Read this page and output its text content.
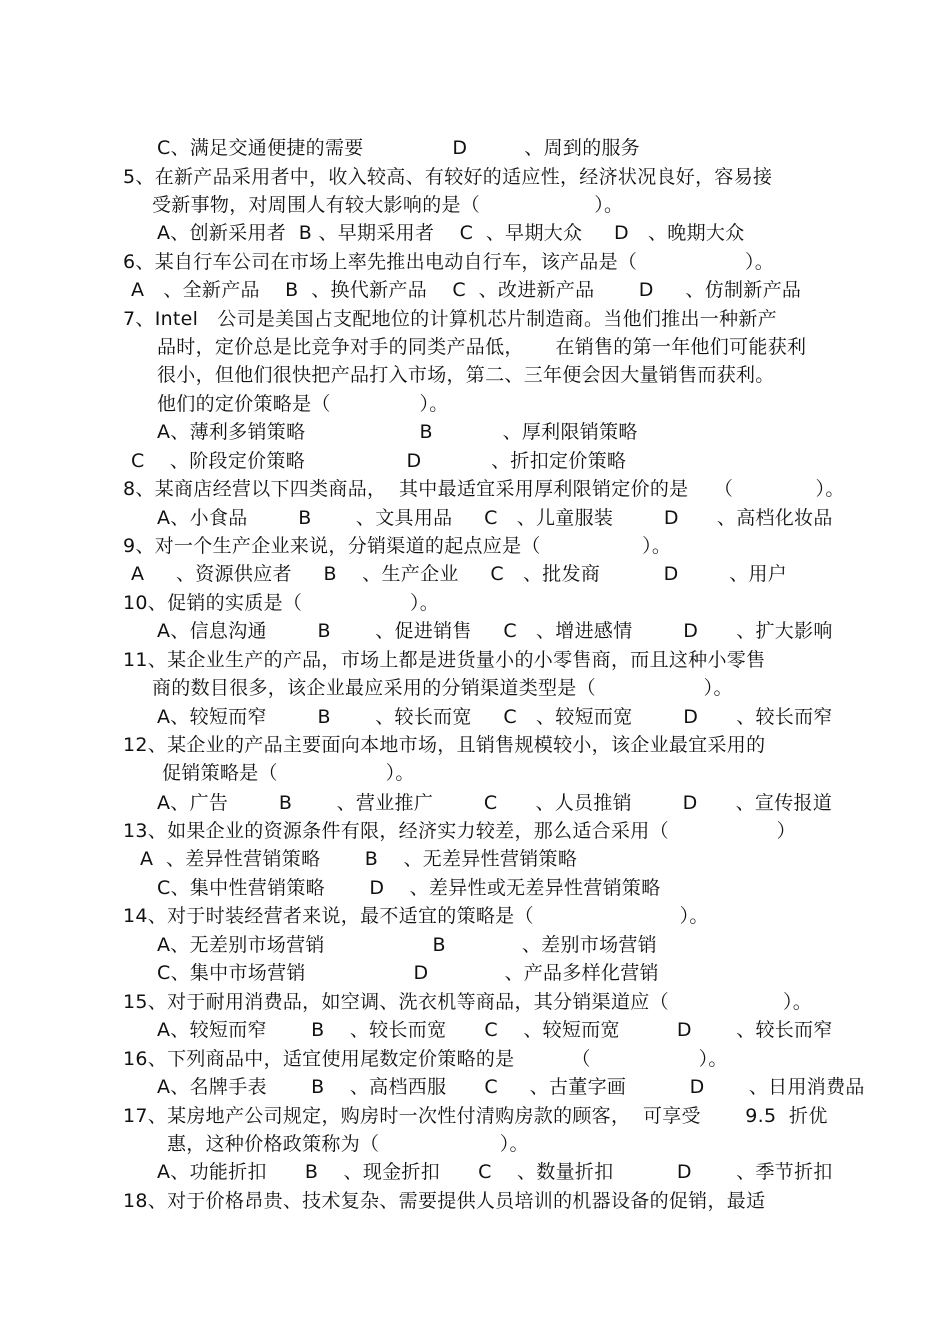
C、满足交通便捷的需要              D         、周到的服务
5、在新产品采用者中，收入较高、有较好的适应性，经济状况良好，容易接
受新事物，对周围人有较大影响的是（                  ）。
A、创新采用者  B 、早期采用者    C  、早期大众     D   、晚期大众
6、某自行车公司在市场上率先推出电动自行车，该产品是（                 ）。
A   、全新产品    B  、换代新产品    C  、改进新产品       D     、仿制新产品
7、Intel   公司是美国占支配地位的计算机芯片制造商。当他们推出一种新产
品时，定价总是比竞争对手的同类产品低，     在销售的第一年他们可能获利
很小，但他们很快把产品打入市场，第二、三年便会因大量销售而获利。
他们的定价策略是（              ）。
A、薄利多销策略                  B           、厚利限销策略
C    、阶段定价策略                D           、折扣定价策略
8、某商店经营以下四类商品，  其中最适宜采用厚利限销定价的是    （             ）。
A、小食品        B       、文具用品     C   、儿童服装        D      、高档化妆品
9、对一个生产企业来说，分销渠道的起点应是（                ）。
A     、资源供应者     B    、生产企业     C   、批发商          D        、用户
10、促销的实质是（                 ）。
A、信息沟通        B       、促进销售     C   、增进感情        D      、扩大影响
11、某企业生产的产品，市场上都是进货量小的小零售商，而且这种小零售
商的数目很多，该企业最应采用的分销渠道类型是（                 ）。
A、较短而窄        B       、较长而宽     C   、较短而宽        D      、较长而窄
12、某企业的产品主要面向本地市场，且销售规模较小，该企业最宜采用的
促销策略是（                 ）。
A、广告        B       、营业推广        C      、人员推销        D      、宣传报道
13、如果企业的资源条件有限，经济实力较差，那么适合采用（                 ）
A  、差异性营销策略       B    、无差异性营销策略
C、集中性营销策略       D    、差异性或无差异性营销策略
14、对于时装经营者来说，最不适宜的策略是（                       ）。
A、无差别市场营销                 B            、差别市场营销
C、集中市场营销                 D            、产品多样化营销
15、对于耐用消费品，如空调、洗衣机等商品，其分销渠道应（                  ）。
A、较短而窄       B    、较长而宽      C    、较短而宽         D       、较长而窄
16、下列商品中，适宜使用尾数定价策略的是         （                 ）。
A、名牌手表       B    、高档西服      C     、古董字画          D       、日用消费品
17、某房地产公司规定，购房时一次性付清购房款的顾客，  可享受       9.5  折优
惠，这种价格政策称为（                   ）。
A、功能折扣      B    、现金折扣      C    、数量折扣          D       、季节折扣
18、对于价格昂贵、技术复杂、需要提供人员培训的机器设备的促销，最适
